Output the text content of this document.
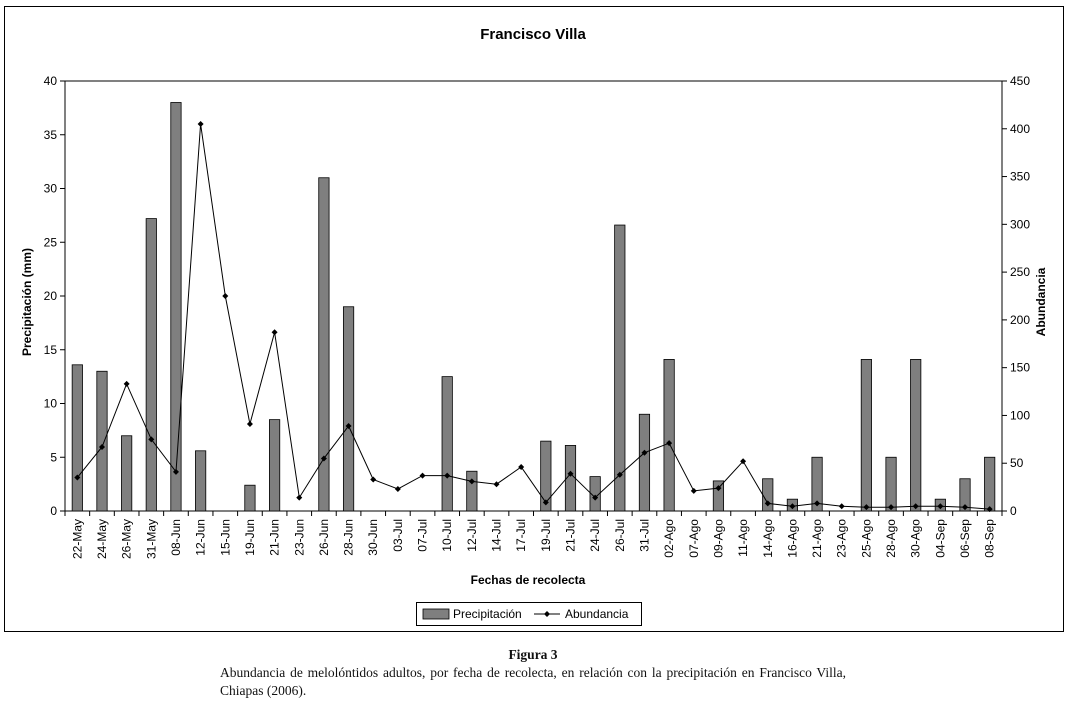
Francisco Villa
0
5
10
15
20
25
30
35
40
0
50
100
150
200
250
300
350
400
450
22-May 24-May 26-May 31-May 08-Jun 12-Jun 15-Jun 19-Jun 21-Jun 23-Jun 26-Jun 28-Jun 30-Jun 03-Jul 07-Jul 10-Jul 12-Jul 14-Jul 17-Jul 19-Jul 21-Jul 24-Jul 26-Jul 31-Jul 02-Ago 07-Ago 09-Ago 11-Ago 14-Ago 16-Ago 21-Ago 23-Ago 25-Ago 28-Ago 30-Ago 04-Sep 06-Sep 08-Sep
Precipitación (mm)	Abundancia
Fechas de recolecta
Precipitación	Abundancia
Figura 3
Abundancia de melolóntidos adultos, por fecha de recolecta, en relación con la precipitación en Francisco Villa, Chiapas (2006).
